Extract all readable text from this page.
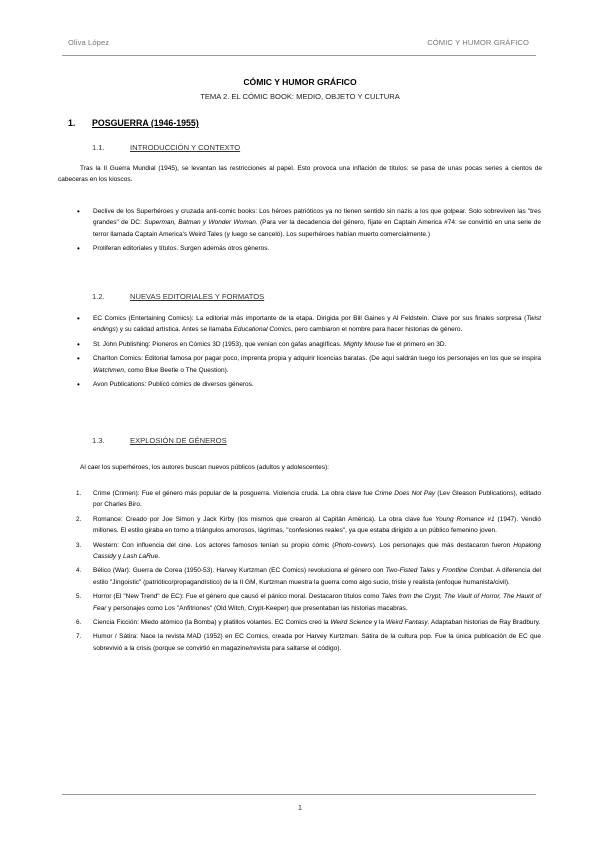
Oliva López	CÓMIC Y HUMOR GRÁFICO
CÓMIC Y HUMOR GRÁFICO
TEMA 2. EL CÓMIC BOOK: MEDIO, OBJETO Y CULTURA
1. POSGUERRA (1946-1955)
1.1.	INTRODUCCIÓN Y CONTEXTO

Tras la II Guerra Mundial (1945), se levantan las restricciones al papel. Esto provoca una inflación de títulos: se pasa de unas pocas series a cientos de cabeceras en los kioscos.

• Declive de los Superhéroes y cruzada anti-comic books: Los héroes patrióticos ya no tienen sentido sin nazis a los que golpear. Solo sobreviven las "tres grandes" de DC: Superman, Batman y Wonder Woman. (Para ver la decadencia del género, fíjate en Captain America #74: se convirtió en una serie de terror llamada Captain America's Weird Tales (y luego se canceló). Los superhéroes habían muerto comercialmente.)
• Proliferan editoriales y títulos. Surgen además otros géneros.
1.2.	NUEVAS EDITORIALES Y FORMATOS
• EC Comics (Entertaining Comics): La editorial más importante de la etapa. Dirigida por Bill Gaines y Al Feldstein. Clave por sus finales sorpresa (Twist endings) y su calidad artística. Antes se llamaba Educational Comics, pero cambiaron el nombre para hacer historias de género.
• St. John Publishing: Pioneros en Cómics 3D (1953), que venían con gafas anaglíficas. Mighty Mouse fue el primero en 3D.
• Charlton Comics: Editorial famosa por pagar poco, imprenta propia y adquirir licencias baratas. (De aquí saldrán luego los personajes en los que se inspira Watchmen, como Blue Beetle o The Question).
• Avon Publications: Publicó cómics de diversos géneros.
1.3.	EXPLOSIÓN DE GÉNEROS

Al caer los superhéroes, los autores buscan nuevos públicos (adultos y adolescentes):

1. Crime (Crimen): Fue el género más popular de la posguerra. Violencia cruda. La obra clave fue Crime Does Not Pay (Lev Gleason Publications), editado por Charles Biro.
2. Romance: Creado por Joe Simon y Jack Kirby (los mismos que crearon al Capitán América). La obra clave fue Young Romance #1 (1947). Vendió millones. El estilo giraba en torno a triángulos amorosos, lágrimas, "confesiones reales", ya que estaba dirigido a un público femenino joven.
3. Western: Con influencia del cine. Los actores famosos tenían su propio cómic (Photo-covers). Los personajes que más destacaron fueron Hopalong Cassidy y Lash LaRue.
4. Bélico (War): Guerra de Corea (1950-53). Harvey Kurtzman (EC Comics) revoluciona el género con Two-Fisted Tales y Frontline Combat. A diferencia del estilo "Jingoistic" (patriótico/propagandístico) de la II GM, Kurtzman muestra la guerra como algo sucio, triste y realista (enfoque humanista/civil).
5. Horror (El "New Trend" de EC): Fue el género que causó el pánico moral. Destacaron títulos como Tales from the Crypt, The Vault of Horror, The Haunt of Fear y personajes como Los "Anfitriones" (Old Witch, Crypt-Keeper) que presentaban las historias macabras.
6. Ciencia Ficción: Miedo atómico (la Bomba) y platillos volantes. EC Comics creó la Weird Science y la Weird Fantasy. Adaptaban historias de Ray Bradbury.
7. Humor / Sátira: Nace la revista MAD (1952) en EC Comics, creada por Harvey Kurtzman. Sátira de la cultura pop. Fue la única publicación de EC que sobrevivió a la crisis (porque se convirtió en magazine/revista para saltarse el código).
1
